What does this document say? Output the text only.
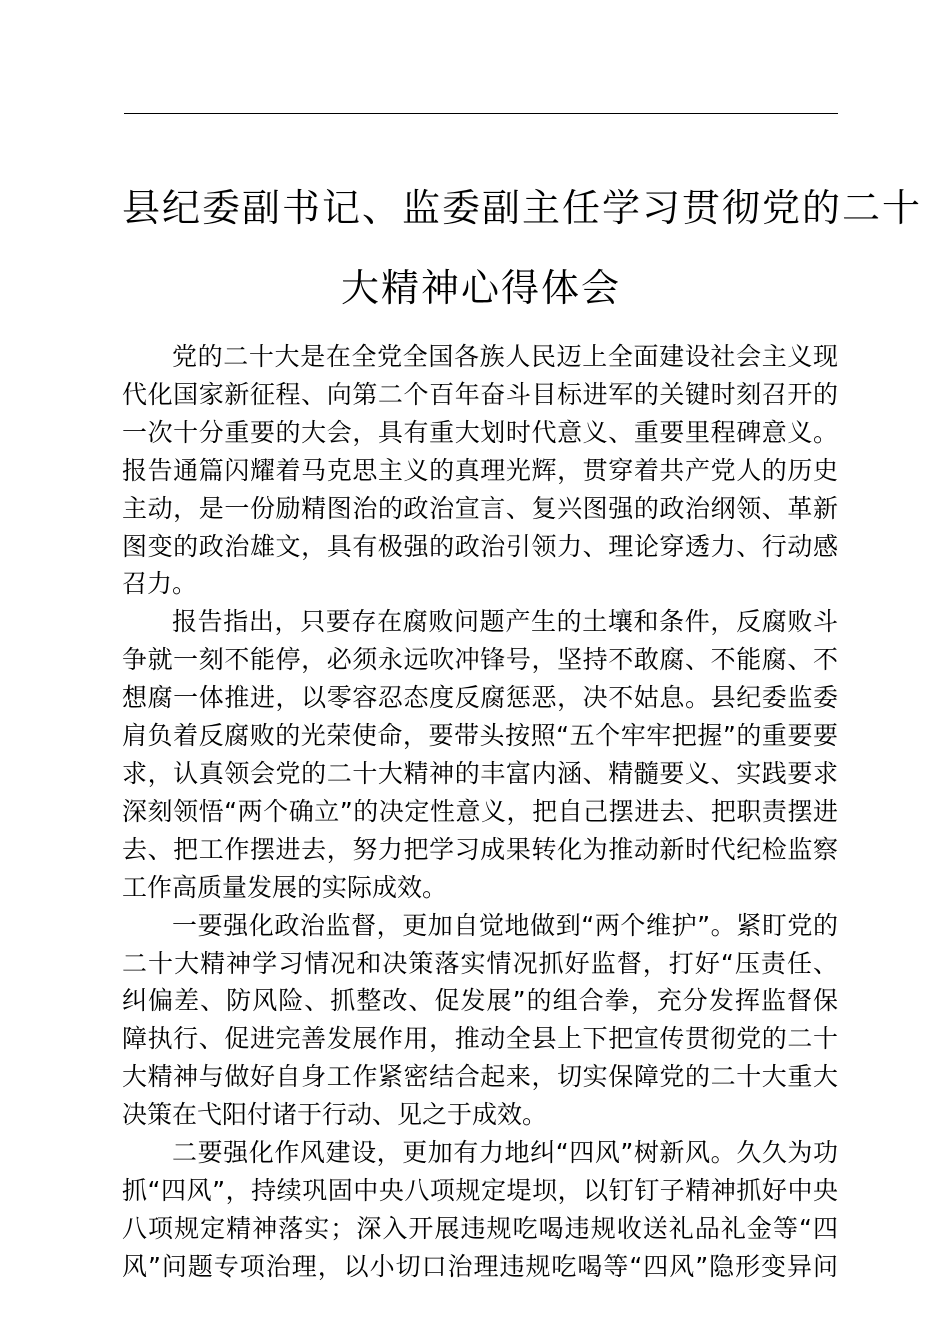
县纪委副书记、监委副主任学习贯彻党的二十
大精神心得体会

党的二十大是在全党全国各族人民迈上全面建设社会主义现
代化国家新征程、向第二个百年奋斗目标进军的关键时刻召开的
一次十分重要的大会，具有重大划时代意义、重要里程碑意义。
报告通篇闪耀着马克思主义的真理光辉，贯穿着共产党人的历史
主动，是一份励精图治的政治宣言、复兴图强的政治纲领、革新
图变的政治雄文，具有极强的政治引领力、理论穿透力、行动感
召力。

报告指出，只要存在腐败问题产生的土壤和条件，反腐败斗
争就一刻不能停，必须永远吹冲锋号，坚持不敢腐、不能腐、不
想腐一体推进，以零容忍态度反腐惩恶，决不姑息。县纪委监委
肩负着反腐败的光荣使命，要带头按照“五个牢牢把握”的重要要
求，认真领会党的二十大精神的丰富内涵、精髓要义、实践要求
深刻领悟“两个确立”的决定性意义，把自己摆进去、把职责摆进
去、把工作摆进去，努力把学习成果转化为推动新时代纪检监察
工作高质量发展的实际成效。

一要强化政治监督，更加自觉地做到“两个维护”。紧盯党的
二十大精神学习情况和决策落实情况抓好监督，打好“压责任、
纠偏差、防风险、抓整改、促发展”的组合拳，充分发挥监督保
障执行、促进完善发展作用，推动全县上下把宣传贯彻党的二十
大精神与做好自身工作紧密结合起来，切实保障党的二十大重大
决策在弋阳付诸于行动、见之于成效。

二要强化作风建设，更加有力地纠“四风”树新风。久久为功
抓“四风”，持续巩固中央八项规定堤坝，以钉钉子精神抓好中央
八项规定精神落实；深入开展违规吃喝违规收送礼品礼金等“四
风”问题专项治理，以小切口治理违规吃喝等“四风”隐形变异问
